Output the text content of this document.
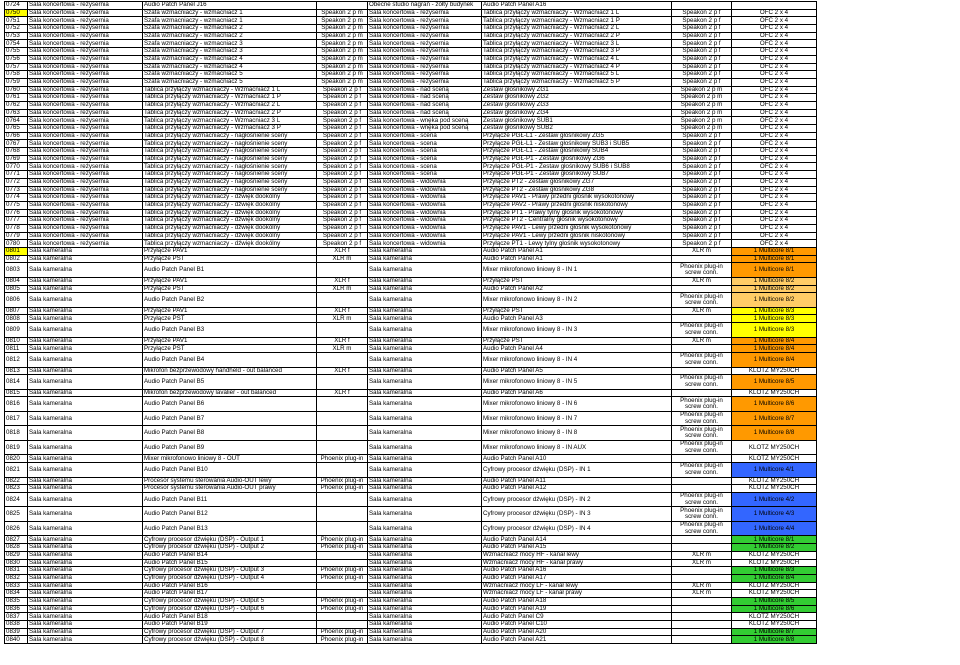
0724	Sala koncertowa - reżysernia	Audio Patch Panel J16		Obecne studio nagrań - żółty budynek	Audio Patch Panel A16		
0750	Sala koncertowa - reżysernia	Szafa wzmacniaczy - wzmacniacz 1	Speakon 2 p m	Sala koncertowa - reżysernia	Tablica przyłączy wzmacniaczy - Wzmacniacz 1 L	Speakon 2 p f	OFC 2 x 4
0751	Sala koncertowa - reżysernia	Szafa wzmacniaczy - wzmacniacz 1	Speakon 2 p m	Sala koncertowa - reżysernia	Tablica przyłączy wzmacniaczy - Wzmacniacz 1 P	Speakon 2 p f	OFC 2 x 4
0752	Sala koncertowa - reżysernia	Szafa wzmacniaczy - wzmacniacz 2	Speakon 2 p m	Sala koncertowa - reżysernia	Tablica przyłączy wzmacniaczy - Wzmacniacz 2 L	Speakon 2 p f	OFC 2 x 4
0753	Sala koncertowa - reżysernia	Szafa wzmacniaczy - wzmacniacz 2	Speakon 2 p m	Sala koncertowa - reżysernia	Tablica przyłączy wzmacniaczy - Wzmacniacz 2 P	Speakon 2 p f	OFC 2 x 4
0754	Sala koncertowa - reżysernia	Szafa wzmacniaczy - wzmacniacz 3	Speakon 2 p m	Sala koncertowa - reżysernia	Tablica przyłączy wzmacniaczy - Wzmacniacz 3 L	Speakon 2 p f	OFC 2 x 4
0755	Sala koncertowa - reżysernia	Szafa wzmacniaczy - wzmacniacz 3	Speakon 2 p m	Sala koncertowa - reżysernia	Tablica przyłączy wzmacniaczy - Wzmacniacz 3 P	Speakon 2 p f	OFC 2 x 4
0756	Sala koncertowa - reżysernia	Szafa wzmacniaczy - wzmacniacz 4	Speakon 2 p m	Sala koncertowa - reżysernia	Tablica przyłączy wzmacniaczy - Wzmacniacz 4 L	Speakon 2 p f	OFC 2 x 4
0757	Sala koncertowa - reżysernia	Szafa wzmacniaczy - wzmacniacz 4	Speakon 2 p m	Sala koncertowa - reżysernia	Tablica przyłączy wzmacniaczy - Wzmacniacz 4 P	Speakon 2 p f	OFC 2 x 4
0758	Sala koncertowa - reżysernia	Szafa wzmacniaczy - wzmacniacz 5	Speakon 2 p m	Sala koncertowa - reżysernia	Tablica przyłączy wzmacniaczy - Wzmacniacz 5 L	Speakon 2 p f	OFC 2 x 4
0759	Sala koncertowa - reżysernia	Szafa wzmacniaczy - wzmacniacz 5	Speakon 2 p m	Sala koncertowa - reżysernia	Tablica przyłączy wzmacniaczy - Wzmacniacz 5 P	Speakon 2 p f	OFC 2 x 4
0760	Sala koncertowa - reżysernia	Tablica przyłączy wzmacniaczy - Wzmacniacz 1 L	Speakon 2 p f	Sala koncertowa - nad sceną	Zestaw głośnikowy ZG1	Speakon 2 p m	OFC 2 x 4
0761	Sala koncertowa - reżysernia	Tablica przyłączy wzmacniaczy - Wzmacniacz 1 P	Speakon 2 p f	Sala koncertowa - nad sceną	Zestaw głośnikowy ZG2	Speakon 2 p m	OFC 2 x 4
0762	Sala koncertowa - reżysernia	Tablica przyłączy wzmacniaczy - Wzmacniacz 2 L	Speakon 2 p f	Sala koncertowa - nad sceną	Zestaw głośnikowy ZG3	Speakon 2 p m	OFC 2 x 4
0763	Sala koncertowa - reżysernia	Tablica przyłączy wzmacniaczy - Wzmacniacz 2 P	Speakon 2 p f	Sala koncertowa - nad sceną	Zestaw głośnikowy ZG4	Speakon 2 p m	OFC 2 x 4
0764	Sala koncertowa - reżysernia	Tablica przyłączy wzmacniaczy - Wzmacniacz 3 L	Speakon 2 p f	Sala koncertowa - wnęka pod sceną	Zestaw głośnikowy SUB1	Speakon 2 p m	OFC 2 x 4
0765	Sala koncertowa - reżysernia	Tablica przyłączy wzmacniaczy - Wzmacniacz 3 P	Speakon 2 p f	Sala koncertowa - wnęka pod sceną	Zestaw głośnikowy SUB2	Speakon 2 p m	OFC 2 x 4
0766	Sala koncertowa - reżysernia	Tablica przyłączy wzmacniaczy - nagłośnienie sceny	Speakon 2 p f	Sala koncertowa - scena	Przyłącze PGŁ-L1 - Zestaw głośnikowy ZG5	Speakon 2 p f	OFC 2 x 4
0767	Sala koncertowa - reżysernia	Tablica przyłączy wzmacniaczy - nagłośnienie sceny	Speakon 2 p f	Sala koncertowa - scena	Przyłącze PGŁ-L1 - Zestaw głośnikowy SUB3 i SUB5	Speakon 2 p f	OFC 2 x 4
0768	Sala koncertowa - reżysernia	Tablica przyłączy wzmacniaczy - nagłośnienie sceny	Speakon 2 p f	Sala koncertowa - scena	Przyłącze PGŁ-L1 - Zestaw głośnikowy SUB4	Speakon 2 p f	OFC 2 x 4
0769	Sala koncertowa - reżysernia	Tablica przyłączy wzmacniaczy - nagłośnienie sceny	Speakon 2 p f	Sala koncertowa - scena	Przyłącze PGŁ-P1 - Zestaw głośnikowy ZG6	Speakon 2 p f	OFC 2 x 4
0770	Sala koncertowa - reżysernia	Tablica przyłączy wzmacniaczy - nagłośnienie sceny	Speakon 2 p f	Sala koncertowa - scena	Przyłącze PGŁ-P1 - Zestaw głośnikowy SUB6 i SUB8	Speakon 2 p f	OFC 2 x 4
0771	Sala koncertowa - reżysernia	Tablica przyłączy wzmacniaczy - nagłośnienie sceny	Speakon 2 p f	Sala koncertowa - scena	Przyłącze PGŁ-P1 - Zestaw głośnikowy SUB7	Speakon 2 p f	OFC 2 x 4
0772	Sala koncertowa - reżysernia	Tablica przyłączy wzmacniaczy - nagłośnienie sceny	Speakon 2 p f	Sala koncertowa - widownia	Przyłącze PT2 - Zestaw głośnikowy ZG7	Speakon 2 p f	OFC 2 x 4
0773	Sala koncertowa - reżysernia	Tablica przyłączy wzmacniaczy - nagłośnienie sceny	Speakon 2 p f	Sala koncertowa - widownia	Przyłącze PT2 - Zestaw głośnikowy ZG8	Speakon 2 p f	OFC 2 x 4
0774	Sala koncertowa - reżysernia	Tablica przyłączy wzmacniaczy - dźwięk dookólny	Speakon 2 p f	Sala koncertowa - widownia	Przyłącze PAV1 - Prawy przedni głośnik wysokotonowy	Speakon 2 p f	OFC 2 x 4
0775	Sala koncertowa - reżysernia	Tablica przyłączy wzmacniaczy - dźwięk dookólny	Speakon 2 p f	Sala koncertowa - widownia	Przyłącze PAV2 - Prawy przedni głośnik niskotonowy	Speakon 2 p f	OFC 2 x 4
0776	Sala koncertowa - reżysernia	Tablica przyłączy wzmacniaczy - dźwięk dookólny	Speakon 2 p f	Sala koncertowa - widownia	Przyłącze PT1 - Prawy tylny głośnik wysokotonowy	Speakon 2 p f	OFC 2 x 4
0777	Sala koncertowa - reżysernia	Tablica przyłączy wzmacniaczy - dźwięk dookólny	Speakon 2 p f	Sala koncertowa - widownia	Przyłącze PT2 - Centralny głośnik wysokotonowy	Speakon 2 p f	OFC 2 x 4
0778	Sala koncertowa - reżysernia	Tablica przyłączy wzmacniaczy - dźwięk dookólny	Speakon 2 p f	Sala koncertowa - widownia	Przyłącze PAV1 - Lewy przedni głośnik wysokotonowy	Speakon 2 p f	OFC 2 x 4
0779	Sala koncertowa - reżysernia	Tablica przyłączy wzmacniaczy - dźwięk dookólny	Speakon 2 p f	Sala koncertowa - widownia	Przyłącze PAV1 - Lewy przedni głośnik niskotonowy	Speakon 2 p f	OFC 2 x 4
0780	Sala koncertowa - reżysernia	Tablica przyłączy wzmacniaczy - dźwięk dookólny	Speakon 2 p f	Sala koncertowa - widownia	Przyłącze PT1 - Lewy tylny głośnik wysokotonowy	Speakon 2 p f	OFC 2 x 4
0801	Sala kameralna	Przyłącze PAV1	XLR f	Sala kameralna	Audio Patch Panel A1	XLR m	1 Multicore 8/1
0802	Sala kameralna	Przyłącze PST	XLR m	Sala kameralna	Audio Patch Panel A1		1 Multicore 8/1
0803	Sala kameralna	Audio Patch Panel B1		Sala kameralna	Mixer mikrofonowo liniowy 8 - IN 1	Phoenix plug-in screw conn.	1 Multicore 8/1
0804	Sala kameralna	Przyłącze PAV1	XLR f	Sala kameralna	Przyłącze PST	XLR m	1 Multicore 8/2
0805	Sala kameralna	Przyłącze PST	XLR m	Sala kameralna	Audio Patch Panel A2		1 Multicore 8/2
0806	Sala kameralna	Audio Patch Panel B2		Sala kameralna	Mixer mikrofonowo liniowy 8 - IN 2	Phoenix plug-in screw conn.	1 Multicore 8/2
0807	Sala kameralna	Przyłącze PAV1	XLR f	Sala kameralna	Przyłącze PST	XLR m	1 Multicore 8/3
0808	Sala kameralna	Przyłącze PST	XLR m	Sala kameralna	Audio Patch Panel A3		1 Multicore 8/3
0809	Sala kameralna	Audio Patch Panel B3		Sala kameralna	Mixer mikrofonowo liniowy 8 - IN 3	Phoenix plug-in screw conn.	1 Multicore 8/3
0810	Sala kameralna	Przyłącze PAV1	XLR f	Sala kameralna	Przyłącze PST	XLR m	1 Multicore 8/4
0811	Sala kameralna	Przyłącze PST	XLR m	Sala kameralna	Audio Patch Panel A4		1 Multicore 8/4
0812	Sala kameralna	Audio Patch Panel B4		Sala kameralna	Mixer mikrofonowo liniowy 8 - IN 4	Phoenix plug-in screw conn.	1 Multicore 8/4
0813	Sala kameralna	Mikrofon bezprzewodowy handheld - out balanced	XLR f	Sala kameralna	Audio Patch Panel A5		KLOTZ MY250CH
0814	Sala kameralna	Audio Patch Panel B5		Sala kameralna	Mixer mikrofonowo liniowy 8 - IN 5	Phoenix plug-in screw conn.	1 Multicore 8/5
0815	Sala kameralna	Mikrofon bezprzewodowy lavalier - out balanced	XLR f	Sala kameralna	Audio Patch Panel A6		KLOTZ MY250CH
0816	Sala kameralna	Audio Patch Panel B6		Sala kameralna	Mixer mikrofonowo liniowy 8 - IN 6	Phoenix plug-in screw conn.	1 Multicore 8/6
0817	Sala kameralna	Audio Patch Panel B7		Sala kameralna	Mixer mikrofonowo liniowy 8 - IN 7	Phoenix plug-in screw conn.	1 Multicore 8/7
0818	Sala kameralna	Audio Patch Panel B8		Sala kameralna	Mixer mikrofonowo liniowy 8 - IN 8	Phoenix plug-in screw conn.	1 Multicore 8/8
0819	Sala kameralna	Audio Patch Panel B9		Sala kameralna	Mixer mikrofonowo liniowy 8 - IN AUX	Phoenix plug-in screw conn.	KLOTZ MY250CH
0820	Sala kameralna	Mixer mikrofonowo liniowy 8 - OUT	Phoenix plug-in	Sala kameralna	Audio Patch Panel A10		KLOTZ MY250CH
0821	Sala kameralna	Audio Patch Panel B10		Sala kameralna	Cyfrowy procesor dźwięku (DSP) - IN 1	Phoenix plug-in screw conn.	1 Multicore 4/1
0822	Sala kameralna	Procesor systemu sterowania Audio-OUT lewy	Phoenix plug-in	Sala kameralna	Audio Patch Panel A11		KLOTZ MY250CH
0823	Sala kameralna	Procesor systemu sterowania Audio-OUT prawy	Phoenix plug-in	Sala kameralna	Audio Patch Panel A12		KLOTZ MY250CH
0824	Sala kameralna	Audio Patch Panel B11		Sala kameralna	Cyfrowy procesor dźwięku (DSP) - IN 2	Phoenix plug-in screw conn.	1 Multicore 4/2
0825	Sala kameralna	Audio Patch Panel B12		Sala kameralna	Cyfrowy procesor dźwięku (DSP) - IN 3	Phoenix plug-in screw conn.	1 Multicore 4/3
0826	Sala kameralna	Audio Patch Panel B13		Sala kameralna	Cyfrowy procesor dźwięku (DSP) - IN 4	Phoenix plug-in screw conn.	1 Multicore 4/4
0827	Sala kameralna	Cyfrowy procesor dźwięku (DSP) - Output 1	Phoenix plug-in	Sala kameralna	Audio Patch Panel A14		1 Multicore 8/1
0828	Sala kameralna	Cyfrowy procesor dźwięku (DSP) - Output 2	Phoenix plug-in	Sala kameralna	Audio Patch Panel A15		1 Multicore 8/2
0829	Sala kameralna	Audio Patch Panel B14		Sala kameralna	Wzmacniacz mocy HF - kanał lewy	XLR m	KLOTZ MY250CH
0830	Sala kameralna	Audio Patch Panel B15		Sala kameralna	Wzmacniacz mocy HF - kanał prawy	XLR m	KLOTZ MY250CH
0831	Sala kameralna	Cyfrowy procesor dźwięku (DSP) - Output 3	Phoenix plug-in	Sala kameralna	Audio Patch Panel A16		1 Multicore 8/3
0832	Sala kameralna	Cyfrowy procesor dźwięku (DSP) - Output 4	Phoenix plug-in	Sala kameralna	Audio Patch Panel A17		1 Multicore 8/4
0833	Sala kameralna	Audio Patch Panel B16		Sala kameralna	Wzmacniacz mocy LF - kanał lewy	XLR m	KLOTZ MY250CH
0834	Sala kameralna	Audio Patch Panel B17		Sala kameralna	Wzmacniacz mocy LF - kanał prawy	XLR m	KLOTZ MY250CH
0835	Sala kameralna	Cyfrowy procesor dźwięku (DSP) - Output 5	Phoenix plug-in	Sala kameralna	Audio Patch Panel A18		1 Multicore 8/5
0836	Sala kameralna	Cyfrowy procesor dźwięku (DSP) - Output 6	Phoenix plug-in	Sala kameralna	Audio Patch Panel A19		1 Multicore 8/6
0837	Sala kameralna	Audio Patch Panel B18		Sala kameralna	Audio Patch Panel C9		KLOTZ MY250CH
0838	Sala kameralna	Audio Patch Panel B19		Sala kameralna	Audio Patch Panel C10		KLOTZ MY250CH
0839	Sala kameralna	Cyfrowy procesor dźwięku (DSP) - Output 7	Phoenix plug-in	Sala kameralna	Audio Patch Panel A20		1 Multicore 8/7
0840	Sala kameralna	Cyfrowy procesor dźwięku (DSP) - Output 8	Phoenix plug-in	Sala kameralna	Audio Patch Panel A21		1 Multicore 8/8
